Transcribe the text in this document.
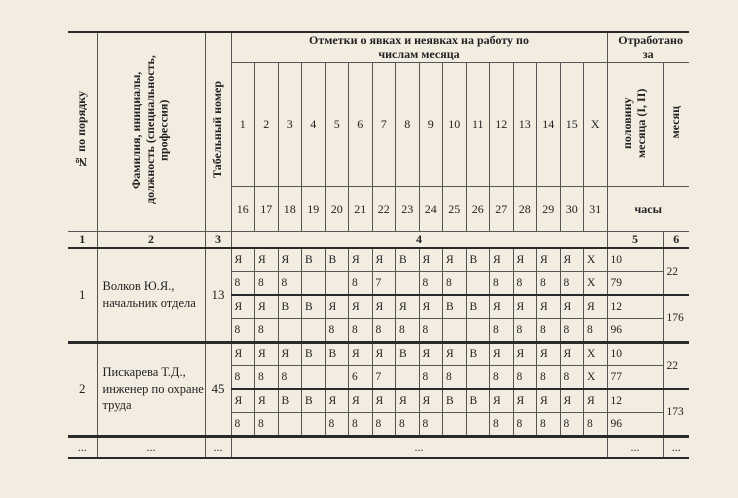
№ по порядку	Фамилия, инициалы, должность (специальность, профессия)	Табельный номер	Отметки о явках и неявках на работу по числам месяца																Отработано за		
			1	2	3	4	5	6	7	8	9	10	11	12	13	14	15	X	половину месяца (I, II)	месяц	

			16	17	18	19	20	21	22	23	24	25	26	27	28	29	30	31	часы		
1	2	3	4																5	6	
1	Волков Ю.Я., начальник отдела	13	Я	Я	Я	В	В	Я	Я	В	Я	Я	В	Я	Я	Я	Я	Х	10	22	
			8	8	8			8	7		8	8		8	8	8	8	Х	79		
			Я	Я	В	В	Я	Я	Я	Я	Я	В	В	Я	Я	Я	Я	Я	12	176	
			8	8			8	8	8	8	8			8	8	8	8	8	96		
2	Пискарева Т.Д., инженер по охране труда	45	Я	Я	Я	В	В	Я	Я	В	Я	Я	В	Я	Я	Я	Я	Х	10	22	
			8	8	8			6	7		8	8		8	8	8	8	Х	77		
			Я	Я	В	В	Я	Я	Я	Я	Я	В	В	Я	Я	Я	Я	Я	12	173	
			8	8			8	8	8	8	8			8	8	8	8	8	96		
...	...	...	...																...	...	
